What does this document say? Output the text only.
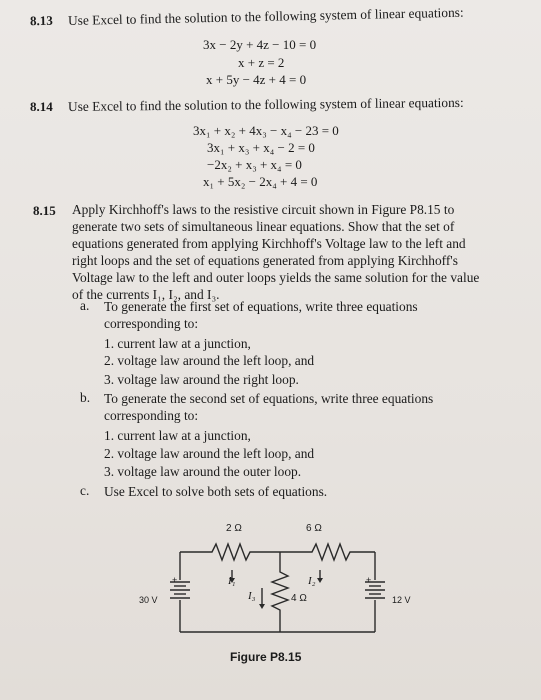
8.13 Use Excel to find the solution to the following system of linear equations:
3x − 2y + 4z − 10 = 0
x + z = 2
x + 5y − 4z + 4 = 0
8.14 Use Excel to find the solution to the following system of linear equations:
3x₁ + x₂ + 4x₃ − x₄ − 23 = 0
3x₁ + x₃ + x₄ − 2 = 0
−2x₂ + x₃ + x₄ = 0
x₁ + 5x₂ − 2x₄ + 4 = 0
8.15 Apply Kirchhoff's laws to the resistive circuit shown in Figure P8.15 to
generate two sets of simultaneous linear equations. Show that the set of
equations generated from applying Kirchhoff's Voltage law to the left and
right loops and the set of equations generated from applying Kirchhoff's
Voltage law to the left and outer loops yields the same solution for the value
of the currents I₁, I₂, and I₃.
a. To generate the first set of equations, write three equations
corresponding to:
1. current law at a junction,
2. voltage law around the left loop, and
3. voltage law around the right loop.
b. To generate the second set of equations, write three equations
corresponding to:
1. current law at a junction,
2. voltage law around the left loop, and
3. voltage law around the outer loop.
c. Use Excel to solve both sets of equations.
2 Ω	6 Ω
4 Ω
I₁
I₃
I₂
30 V	12 V
+	+
Figure P8.15
